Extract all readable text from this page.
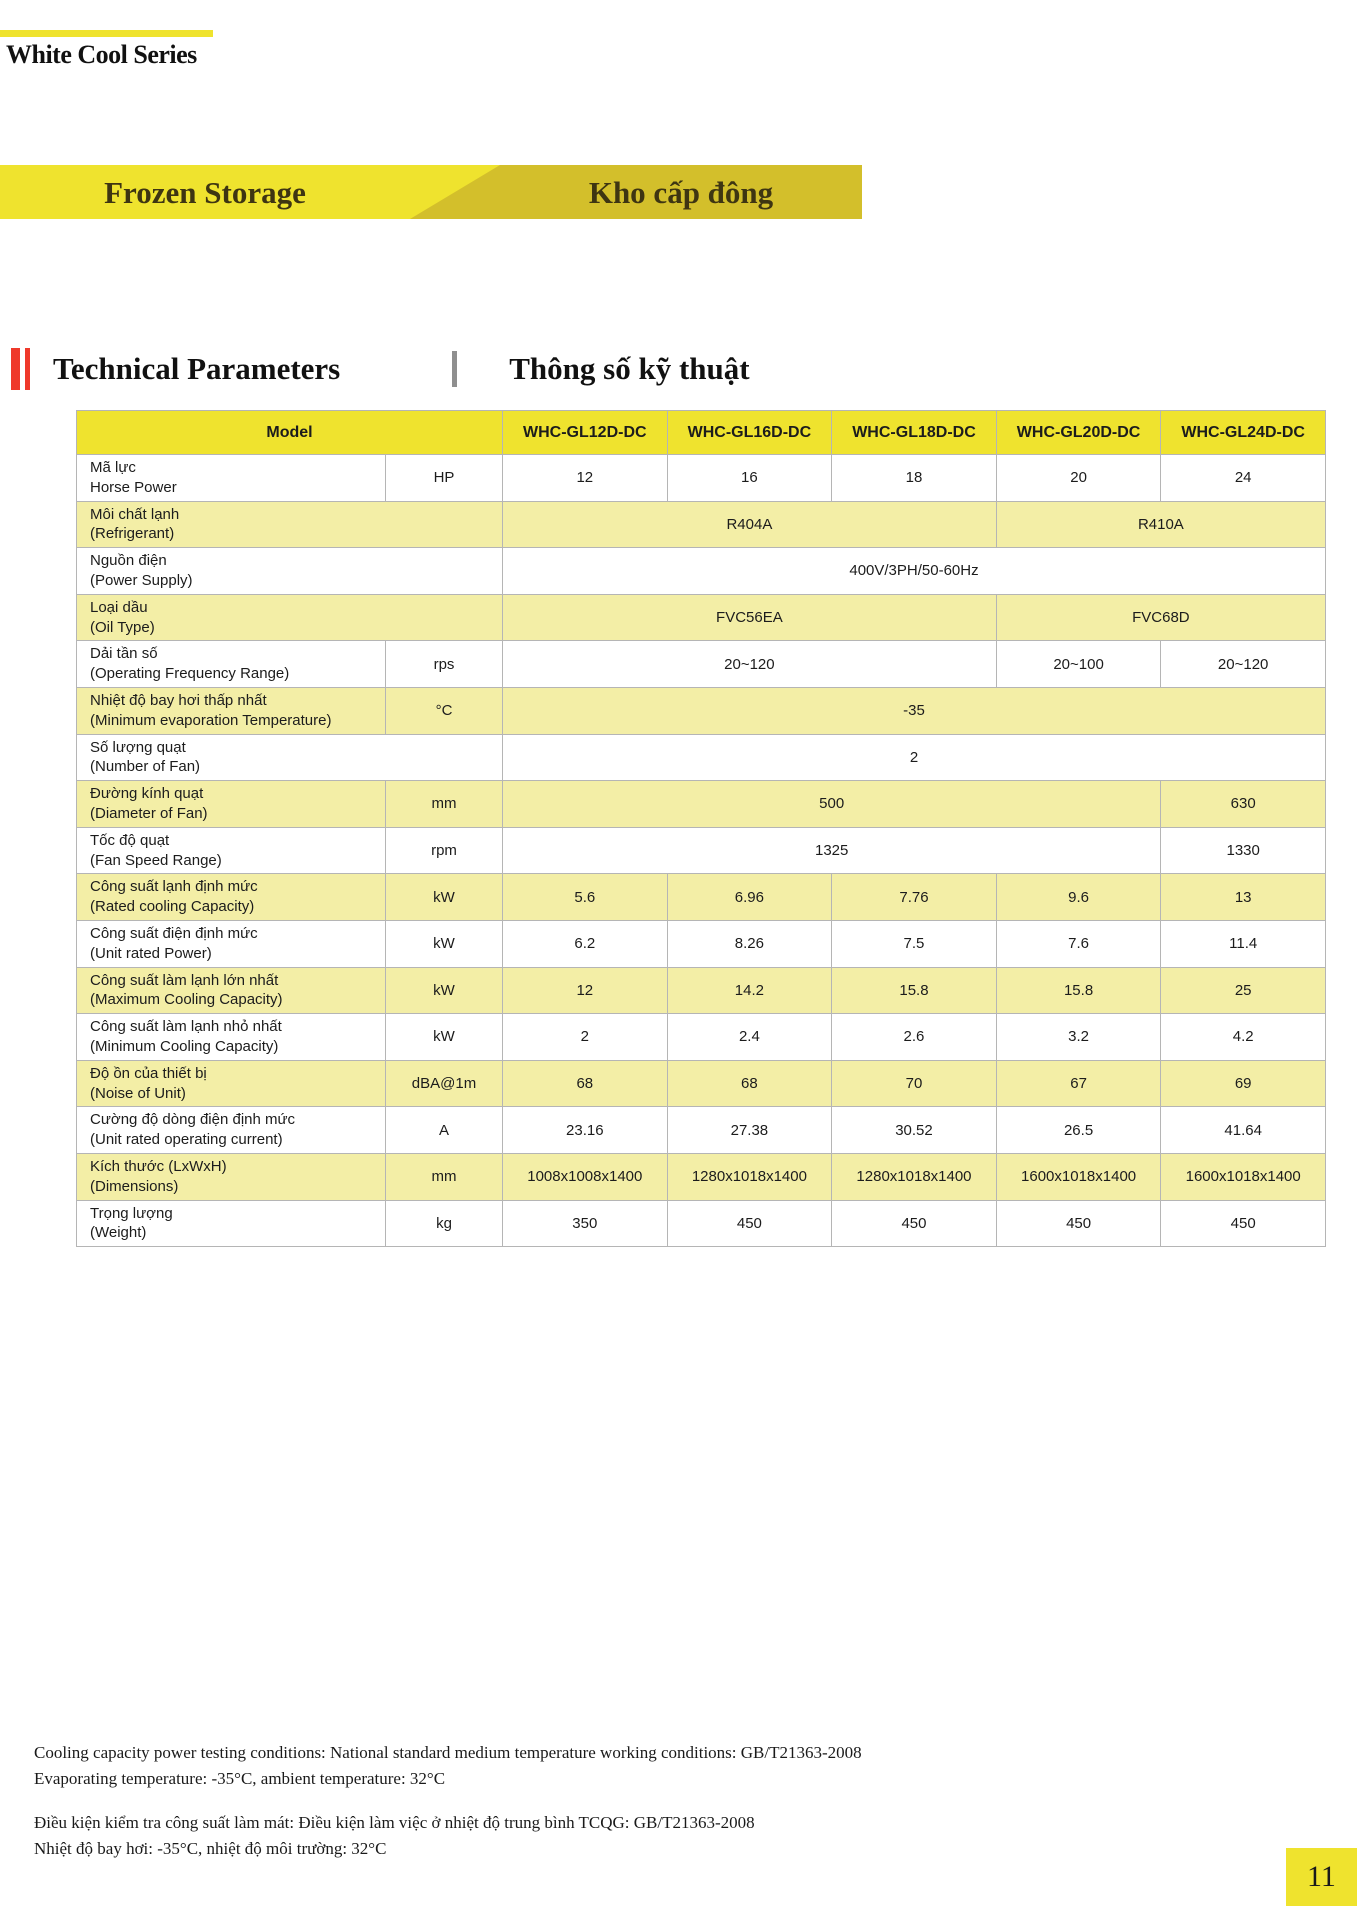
White Cool Series
Frozen Storage	Kho cấp đông
Technical Parameters	Thông số kỹ thuật
Model		WHC-GL12D-DC	WHC-GL16D-DC	WHC-GL18D-DC	WHC-GL20D-DC	WHC-GL24D-DC

Mã lực
Horse Power	HP	12	16	18	20	24

Môi chất lạnh
(Refrigerant)		R404A			R410A	

Nguồn điện
(Power Supply)		400V/3PH/50-60Hz				

Loại dầu
(Oil Type)		FVC56EA			FVC68D	

Dải tần số
(Operating Frequency Range)	rps	20~120			20~100	20~120

Nhiệt độ bay hơi thấp nhất
(Minimum evaporation Temperature)	°C	-35				

Số lượng quạt
(Number of Fan)		2				

Đường kính quạt
(Diameter of Fan)	mm	500				630

Tốc độ quạt
(Fan Speed Range)	rpm	1325				1330

Công suất lạnh định mức
(Rated cooling Capacity)	kW	5.6	6.96	7.76	9.6	13

Công suất điện định mức
(Unit rated Power)	kW	6.2	8.26	7.5	7.6	11.4

Công suất làm lạnh lớn nhất
(Maximum Cooling Capacity)	kW	12	14.2	15.8	15.8	25

Công suất làm lạnh nhỏ nhất
(Minimum Cooling Capacity)	kW	2	2.4	2.6	3.2	4.2

Độ ồn của thiết bị
(Noise of Unit)	dBA@1m	68	68	70	67	69

Cường độ dòng điện định mức
(Unit rated operating current)	A	23.16	27.38	30.52	26.5	41.64

Kích thước (LxWxH)
(Dimensions)	mm	1008x1008x1400	1280x1018x1400	1280x1018x1400	1600x1018x1400	1600x1018x1400

Trọng lượng
(Weight)	kg	350	450	450	450	450

Cooling capacity power testing conditions: National standard medium temperature working conditions: GB/T21363-2008

Evaporating temperature: -35°C, ambient temperature: 32°C

Điều kiện kiểm tra công suất làm mát: Điều kiện làm việc ở nhiệt độ trung bình TCQG: GB/T21363-2008

Nhiệt độ bay hơi: -35°C, nhiệt độ môi trường: 32°C

11
